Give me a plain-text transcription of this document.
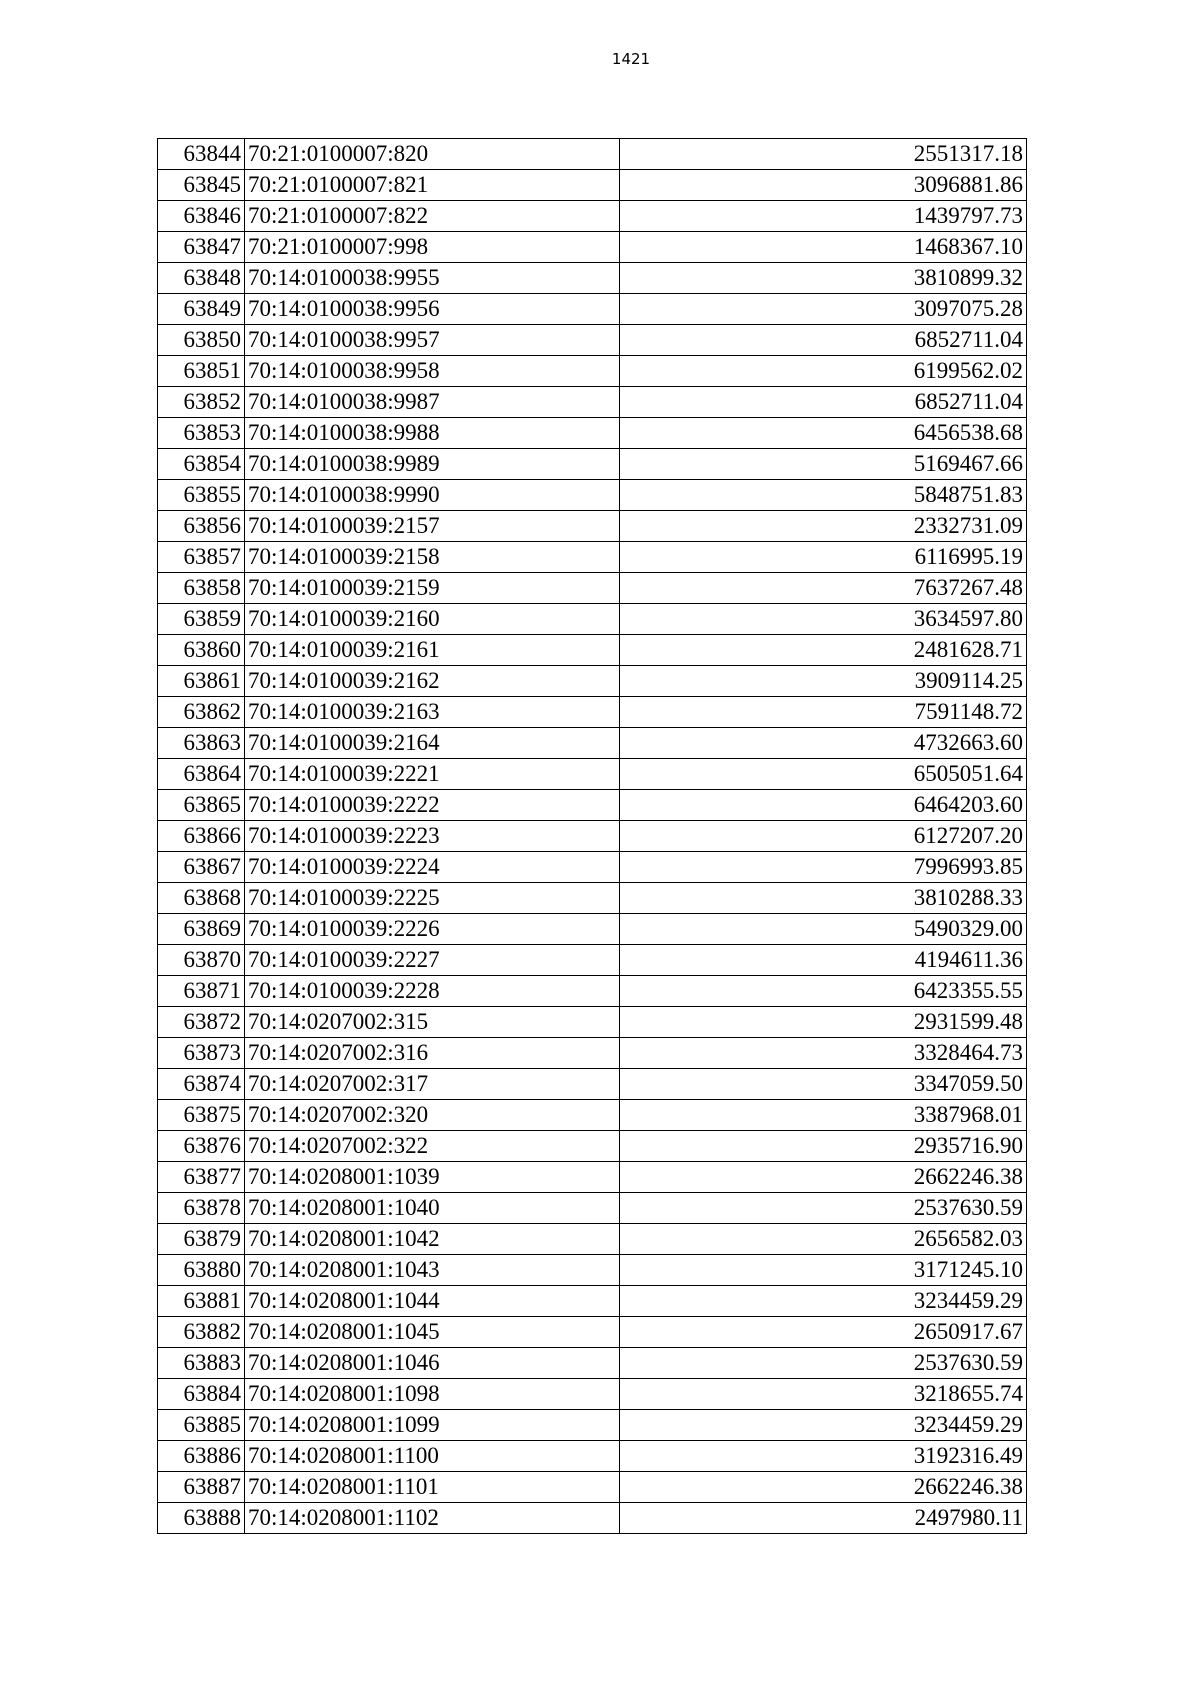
1421
63844	70:21:0100007:820	2551317.18
63845	70:21:0100007:821	3096881.86
63846	70:21:0100007:822	1439797.73
63847	70:21:0100007:998	1468367.10
63848	70:14:0100038:9955	3810899.32
63849	70:14:0100038:9956	3097075.28
63850	70:14:0100038:9957	6852711.04
63851	70:14:0100038:9958	6199562.02
63852	70:14:0100038:9987	6852711.04
63853	70:14:0100038:9988	6456538.68
63854	70:14:0100038:9989	5169467.66
63855	70:14:0100038:9990	5848751.83
63856	70:14:0100039:2157	2332731.09
63857	70:14:0100039:2158	6116995.19
63858	70:14:0100039:2159	7637267.48
63859	70:14:0100039:2160	3634597.80
63860	70:14:0100039:2161	2481628.71
63861	70:14:0100039:2162	3909114.25
63862	70:14:0100039:2163	7591148.72
63863	70:14:0100039:2164	4732663.60
63864	70:14:0100039:2221	6505051.64
63865	70:14:0100039:2222	6464203.60
63866	70:14:0100039:2223	6127207.20
63867	70:14:0100039:2224	7996993.85
63868	70:14:0100039:2225	3810288.33
63869	70:14:0100039:2226	5490329.00
63870	70:14:0100039:2227	4194611.36
63871	70:14:0100039:2228	6423355.55
63872	70:14:0207002:315	2931599.48
63873	70:14:0207002:316	3328464.73
63874	70:14:0207002:317	3347059.50
63875	70:14:0207002:320	3387968.01
63876	70:14:0207002:322	2935716.90
63877	70:14:0208001:1039	2662246.38
63878	70:14:0208001:1040	2537630.59
63879	70:14:0208001:1042	2656582.03
63880	70:14:0208001:1043	3171245.10
63881	70:14:0208001:1044	3234459.29
63882	70:14:0208001:1045	2650917.67
63883	70:14:0208001:1046	2537630.59
63884	70:14:0208001:1098	3218655.74
63885	70:14:0208001:1099	3234459.29
63886	70:14:0208001:1100	3192316.49
63887	70:14:0208001:1101	2662246.38
63888	70:14:0208001:1102	2497980.11
